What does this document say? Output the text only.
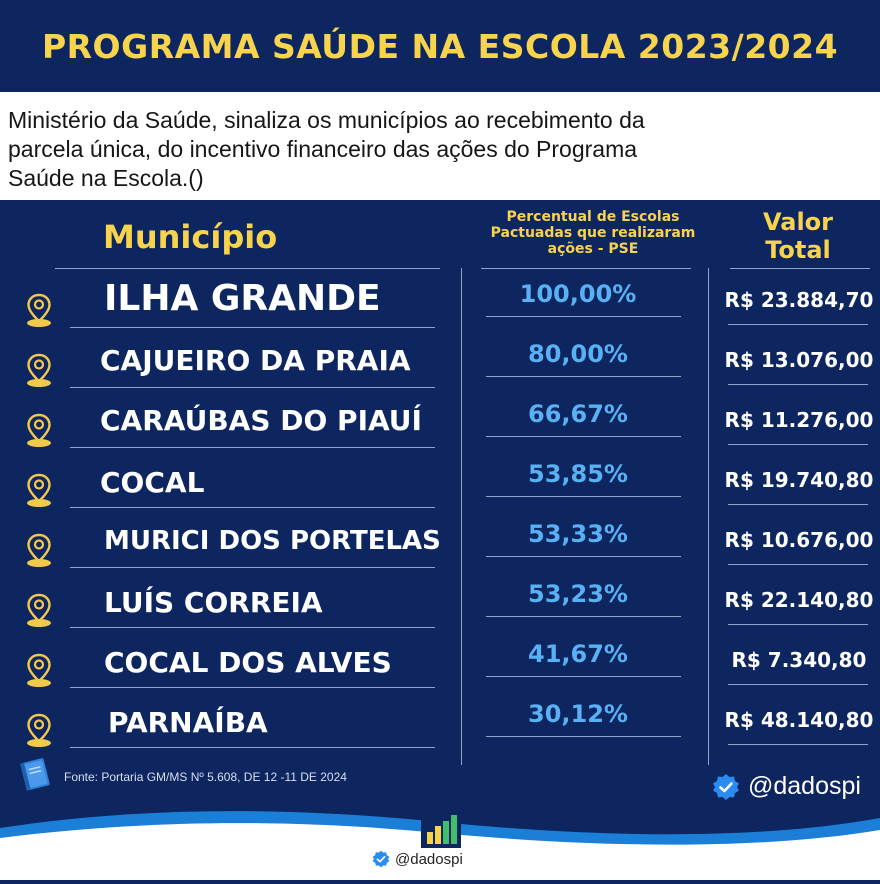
PROGRAMA SAÚDE NA ESCOLA 2023/2024

Ministério da Saúde, sinaliza os municípios ao recebimento da

parcela única, do incentivo financeiro das ações do Programa

Saúde na Escola.()

Município
Percentual de Escolas Pactuadas que realizaram ações - PSE
Valor
Total
ILHA GRANDE	100,00%	R$ 23.884,70
CAJUEIRO DA PRAIA	80,00%	R$ 13.076,00
CARAÚBAS DO PIAUÍ	66,67%	R$ 11.276,00
COCAL	53,85%	R$ 19.740,80
MURICI DOS PORTELAS	53,33%	R$ 10.676,00
LUÍS CORREIA	53,23%	R$ 22.140,80
COCAL DOS ALVES	41,67%	R$ 7.340,80
PARNAÍBA	30,12%	R$ 48.140,80
Fonte: Portaria GM/MS Nº 5.608, DE 12 -11 DE 2024	@dadospi
@dadospi
